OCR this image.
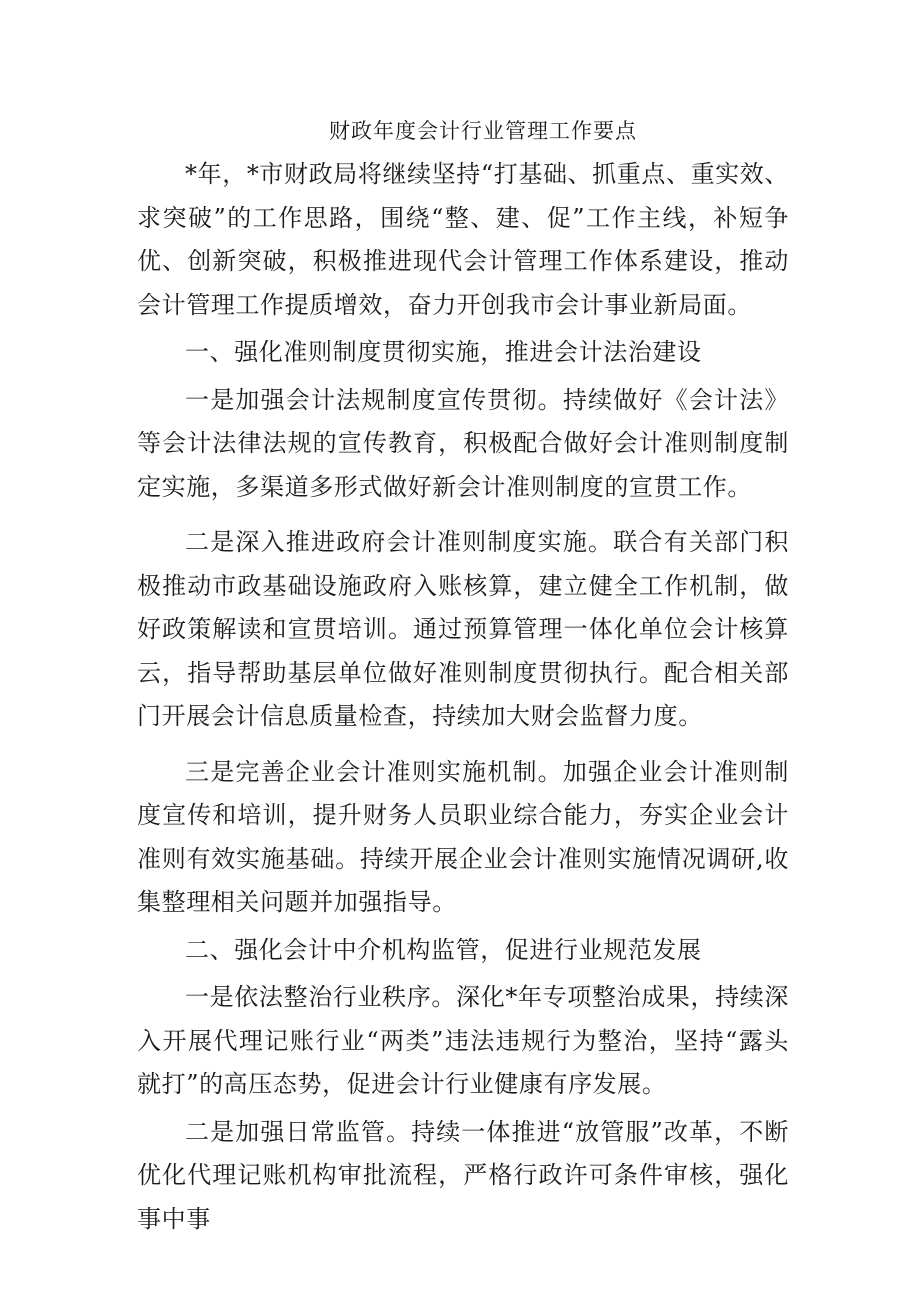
财政年度会计行业管理工作要点

*年，*市财政局将继续坚持“打基础、抓重点、重实效、求突破”的工作思路，围绕“整、建、促”工作主线，补短争优、创新突破，积极推进现代会计管理工作体系建设，推动会计管理工作提质增效，奋力开创我市会计事业新局面。

一、强化准则制度贯彻实施，推进会计法治建设

一是加强会计法规制度宣传贯彻。持续做好《会计法》等会计法律法规的宣传教育，积极配合做好会计准则制度制定实施，多渠道多形式做好新会计准则制度的宣贯工作。

二是深入推进政府会计准则制度实施。联合有关部门积极推动市政基础设施政府入账核算，建立健全工作机制，做好政策解读和宣贯培训。通过预算管理一体化单位会计核算云，指导帮助基层单位做好准则制度贯彻执行。配合相关部门开展会计信息质量检查，持续加大财会监督力度。

三是完善企业会计准则实施机制。加强企业会计准则制度宣传和培训，提升财务人员职业综合能力，夯实企业会计准则有效实施基础。持续开展企业会计准则实施情况调研,收集整理相关问题并加强指导。

二、强化会计中介机构监管，促进行业规范发展

一是依法整治行业秩序。深化*年专项整治成果，持续深入开展代理记账行业“两类”违法违规行为整治，坚持“露头就打”的高压态势，促进会计行业健康有序发展。

二是加强日常监管。持续一体推进“放管服”改革，不断优化代理记账机构审批流程，严格行政许可条件审核，强化事中事
